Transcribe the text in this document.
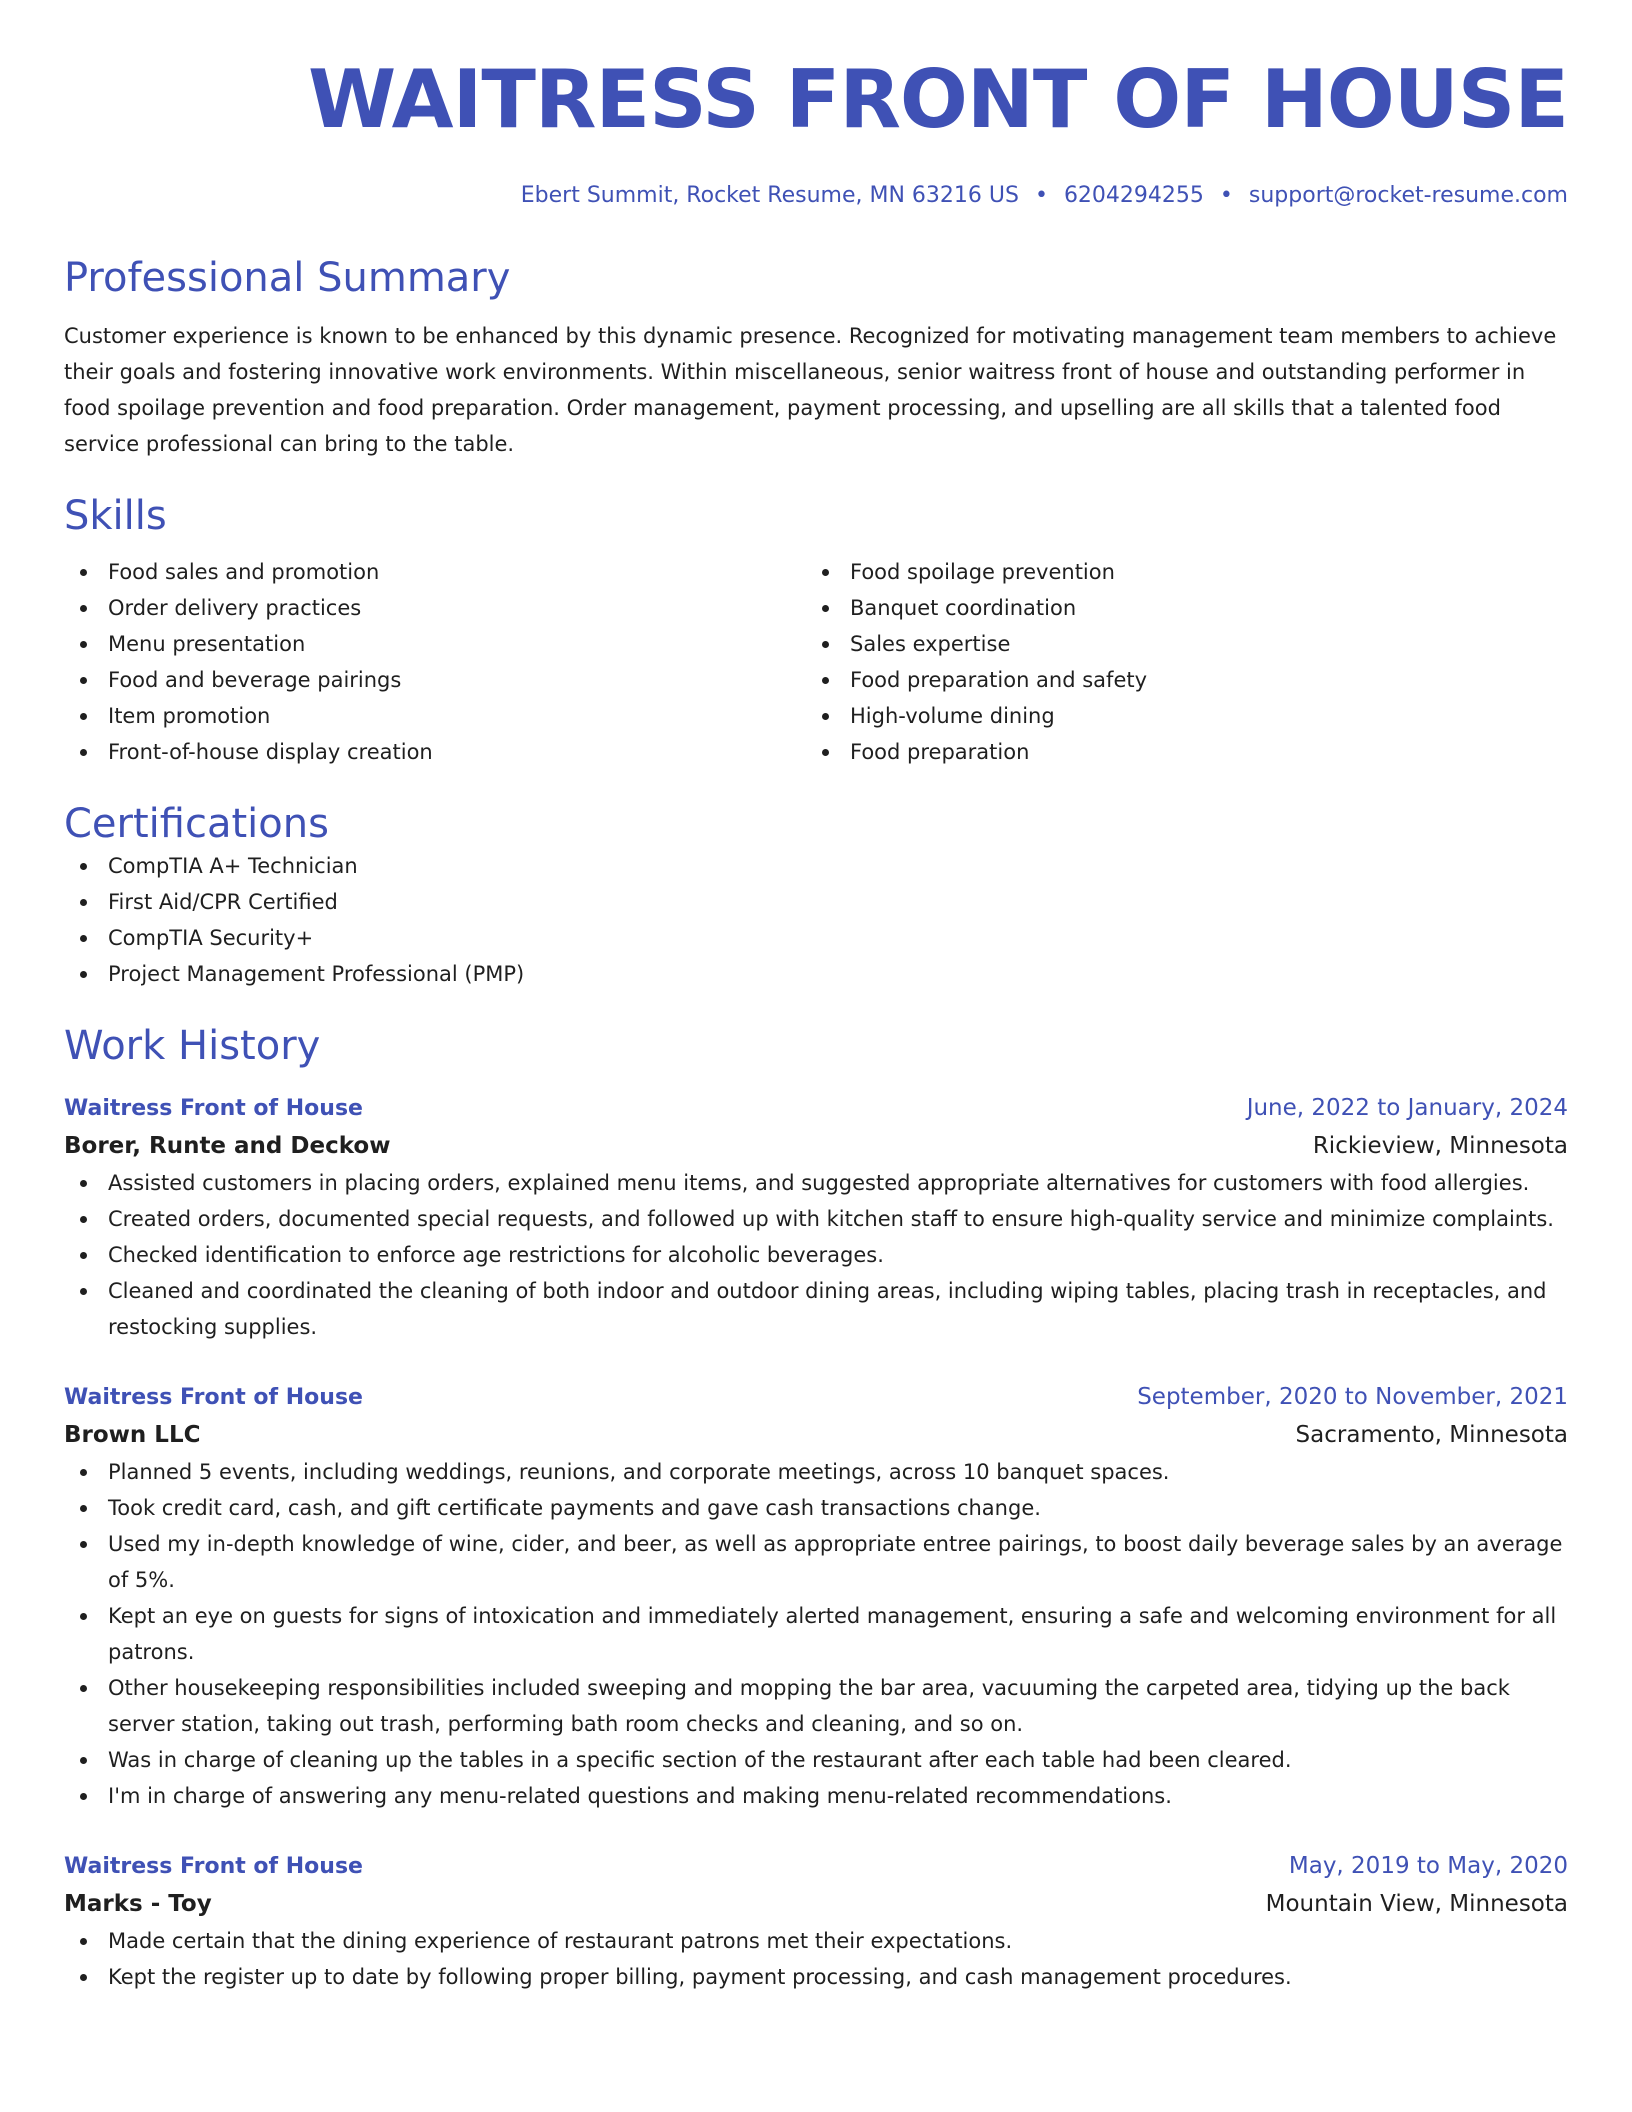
WAITRESS FRONT OF HOUSE
Ebert Summit, Rocket Resume, MN 63216 US • 6204294255 • support@rocket-resume.com
Professional Summary

Customer experience is known to be enhanced by this dynamic presence. Recognized for motivating management team members to achieve their goals and fostering innovative work environments. Within miscellaneous, senior waitress front of house and outstanding performer in food spoilage prevention and food preparation. Order management, payment processing, and upselling are all skills that a talented food service professional can bring to the table.

Skills
Food sales and promotion
Order delivery practices
Menu presentation
Food and beverage pairings
Item promotion
Front-of-house display creation
Food spoilage prevention
Banquet coordination
Sales expertise
Food preparation and safety
High-volume dining
Food preparation
Certifications
CompTIA A+ Technician
First Aid/CPR Certified
CompTIA Security+
Project Management Professional (PMP)
Work History
Waitress Front of House	June, 2022 to January, 2024
Borer, Runte and Deckow	Rickieview, Minnesota
Assisted customers in placing orders, explained menu items, and suggested appropriate alternatives for customers with food allergies.
Created orders, documented special requests, and followed up with kitchen staff to ensure high-quality service and minimize complaints.
Checked identification to enforce age restrictions for alcoholic beverages.
Cleaned and coordinated the cleaning of both indoor and outdoor dining areas, including wiping tables, placing trash in receptacles, and restocking supplies.
Waitress Front of House	September, 2020 to November, 2021
Brown LLC	Sacramento, Minnesota
Planned 5 events, including weddings, reunions, and corporate meetings, across 10 banquet spaces.
Took credit card, cash, and gift certificate payments and gave cash transactions change.
Used my in-depth knowledge of wine, cider, and beer, as well as appropriate entree pairings, to boost daily beverage sales by an average of 5%.
Kept an eye on guests for signs of intoxication and immediately alerted management, ensuring a safe and welcoming environment for all patrons.
Other housekeeping responsibilities included sweeping and mopping the bar area, vacuuming the carpeted area, tidying up the back server station, taking out trash, performing bath room checks and cleaning, and so on.
Was in charge of cleaning up the tables in a specific section of the restaurant after each table had been cleared.
I'm in charge of answering any menu-related questions and making menu-related recommendations.
Waitress Front of House	May, 2019 to May, 2020
Marks - Toy	Mountain View, Minnesota
Made certain that the dining experience of restaurant patrons met their expectations.
Kept the register up to date by following proper billing, payment processing, and cash management procedures.
